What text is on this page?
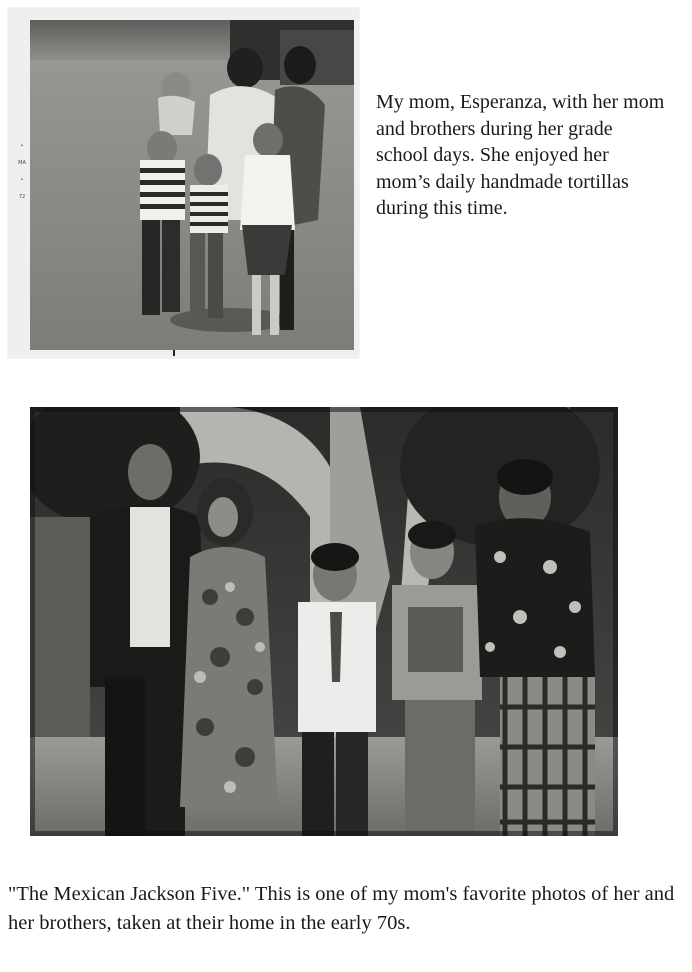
•
MA
•
72

My mom, Esperanza, with her mom and brothers during her grade school days. She enjoyed her mom’s daily handmade tortillas during this time.

"The Mexican Jackson Five." This is one of my mom's favorite photos of her and her brothers, taken at their home in the early 70s.
